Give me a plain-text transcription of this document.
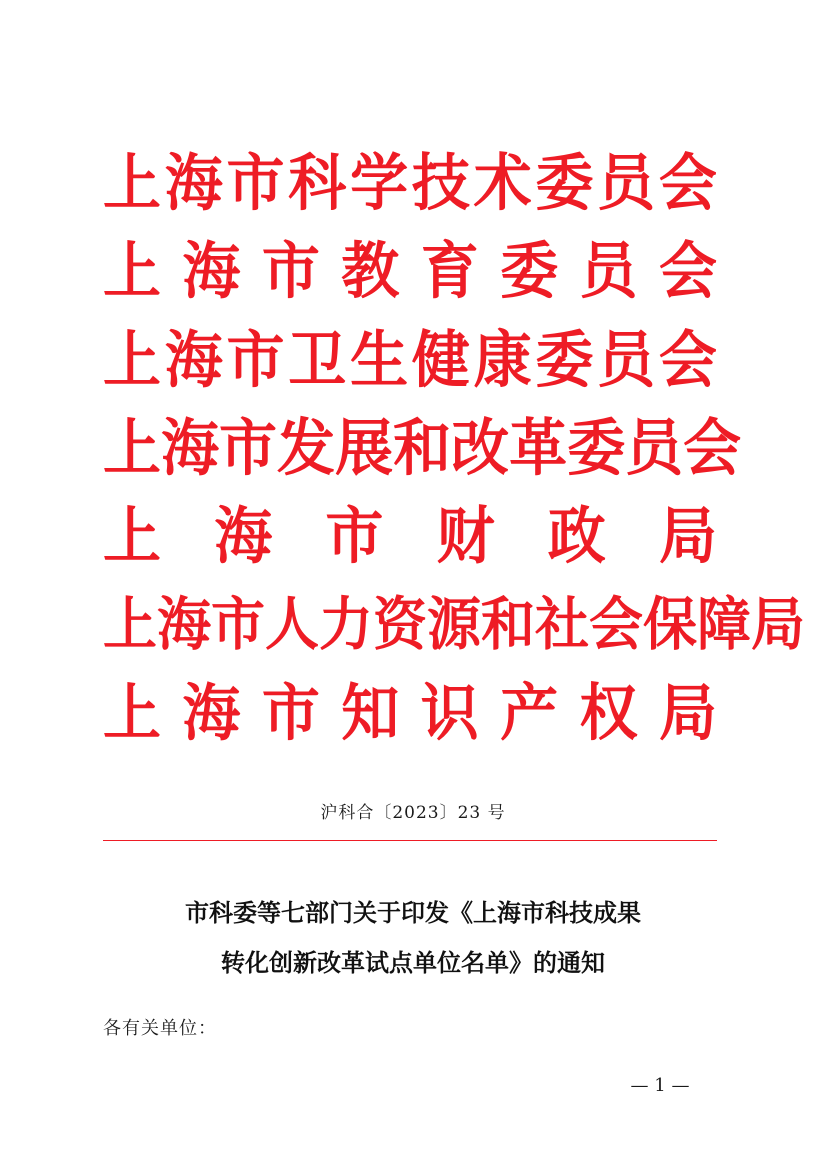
上 海 市 科 学 技 术 委 员 会
上 海 市 教 育 委 员 会
上 海 市 卫 生 健 康 委 员 会
上 海 市 发 展 和 改 革 委 员 会
上 海 市 财 政 局
上 海 市 人 力 资 源 和 社 会 保 障 局
上 海 市 知 识 产 权 局
沪科合〔2023〕23 号
市科委等七部门关于印发《上海市科技成果
转化创新改革试点单位名单》的通知
各有关单位：
— 1 —
